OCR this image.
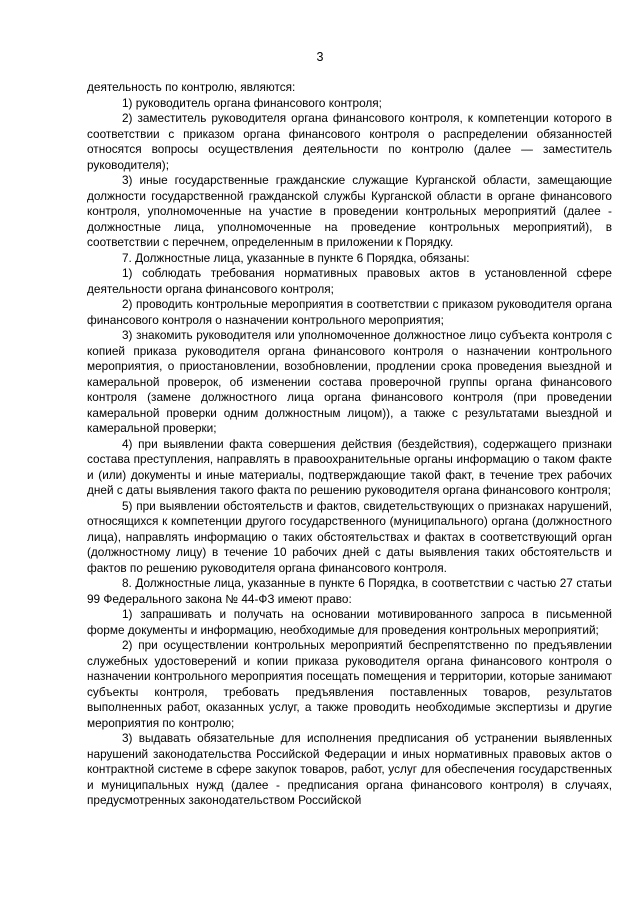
3

деятельность по контролю, являются:

1) руководитель органа финансового контроля;

2) заместитель руководителя органа финансового контроля, к компетенции которого в соответствии с приказом органа финансового контроля о распределении обязанностей относятся вопросы осуществления деятельности по контролю (далее — заместитель руководителя);

3) иные государственные гражданские служащие Курганской области, замещающие должности государственной гражданской службы Курганской области в органе финансового контроля, уполномоченные на участие в проведении контрольных мероприятий (далее - должностные лица, уполномоченные на проведение контрольных мероприятий), в соответствии с перечнем, определенным в приложении к Порядку.

7. Должностные лица, указанные в пункте 6 Порядка, обязаны:

1) соблюдать требования нормативных правовых актов в установленной сфере деятельности органа финансового контроля;

2) проводить контрольные мероприятия в соответствии с приказом руководителя органа финансового контроля о назначении контрольного мероприятия;

3) знакомить руководителя или уполномоченное должностное лицо субъекта контроля с копией приказа руководителя органа финансового контроля о назначении контрольного мероприятия, о приостановлении, возобновлении, продлении срока проведения выездной и камеральной проверок, об изменении состава проверочной группы органа финансового контроля (замене должностного лица органа финансового контроля (при проведении камеральной проверки одним должностным лицом)), а также с результатами выездной и камеральной проверки;

4) при выявлении факта совершения действия (бездействия), содержащего признаки состава преступления, направлять в правоохранительные органы информацию о таком факте и (или) документы и иные материалы, подтверждающие такой факт, в течение трех рабочих дней с даты выявления такого факта по решению руководителя органа финансового контроля;

5) при выявлении обстоятельств и фактов, свидетельствующих о признаках нарушений, относящихся к компетенции другого государственного (муниципального) органа (должностного лица), направлять информацию о таких обстоятельствах и фактах в соответствующий орган (должностному лицу) в течение 10 рабочих дней с даты выявления таких обстоятельств и фактов по решению руководителя органа финансового контроля.

8. Должностные лица, указанные в пункте 6 Порядка, в соответствии с частью 27 статьи 99 Федерального закона № 44-ФЗ имеют право:

1) запрашивать и получать на основании мотивированного запроса в письменной форме документы и информацию, необходимые для проведения контрольных мероприятий;

2) при осуществлении контрольных мероприятий беспрепятственно по предъявлении служебных удостоверений и копии приказа руководителя органа финансового контроля о назначении контрольного мероприятия посещать помещения и территории, которые занимают субъекты контроля, требовать предъявления поставленных товаров, результатов выполненных работ, оказанных услуг, а также проводить необходимые экспертизы и другие мероприятия по контролю;

3) выдавать обязательные для исполнения предписания об устранении выявленных нарушений законодательства Российской Федерации и иных нормативных правовых актов о контрактной системе в сфере закупок товаров, работ, услуг для обеспечения государственных и муниципальных нужд (далее - предписания органа финансового контроля) в случаях, предусмотренных законодательством Российской
